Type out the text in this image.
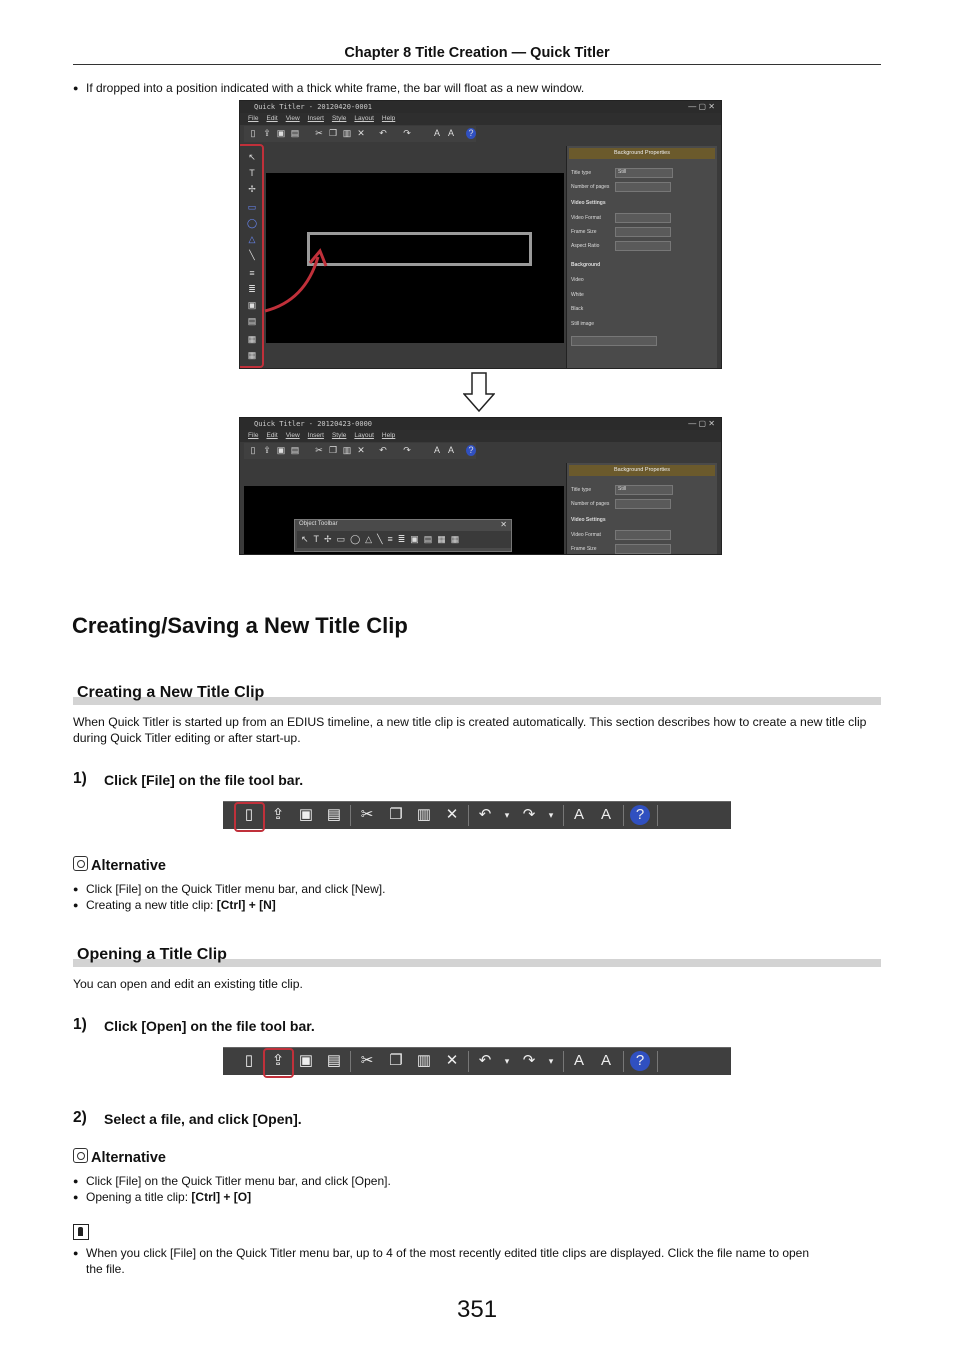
Chapter 8 Title Creation — Quick Titler
● If dropped into a position indicated with a thick white frame, the bar will float as a new window.
Quick Titler - 20120420-0001	— ▢ ✕
File Edit View Insert Style Layout Help
▯ ⇪ ▣ ▤ ✂ ❐ ▥ ✕ ↶ ↷	A A ?
↖
T
✢
▭
◯
△
╲
≡
≣
▣
▤
▦
▦
Background Properties
Title type	Still
Number of pages
Video Settings
Video Format
Frame Size
Aspect Ratio
Background
Video
White
Black
Still image
Quick Titler - 20120423-0000	— ▢ ✕
File Edit View Insert Style Layout Help
▯ ⇪ ▣ ▤ ✂ ❐ ▥ ✕ ↶ ↷	A A ?
Object Toolbar	✕
↖T✢▭◯△╲≡≣▣▤▦▦
Background Properties
Title type	Still
Number of pages
Video Settings
Video Format
Frame Size
Creating/Saving a New Title Clip
Creating a New Title Clip
When Quick Titler is started up from an EDIUS timeline, a new title clip is created automatically. This section describes how to create a new title clip during Quick Titler editing or after start-up.
1) Click [File] on the file tool bar.
▯	⇪ ▣ ▤ ✂ ❐ ▥ ✕ ↶	▾ ↷	▾	A	A	?
Alternative
● Click [File] on the Quick Titler menu bar, and click [New].
● Creating a new title clip: [Ctrl] + [N]
Opening a Title Clip
You can open and edit an existing title clip.
1) Click [Open] on the file tool bar.
▯	⇪ ▣ ▤ ✂ ❐ ▥ ✕ ↶	▾ ↷	▾	A	A	?
2) Select a file, and click [Open].
Alternative
● Click [File] on the Quick Titler menu bar, and click [Open].
● Opening a title clip: [Ctrl] + [O]
● When you click [File] on the Quick Titler menu bar, up to 4 of the most recently edited title clips are displayed. Click the file name to open
the file.
351
